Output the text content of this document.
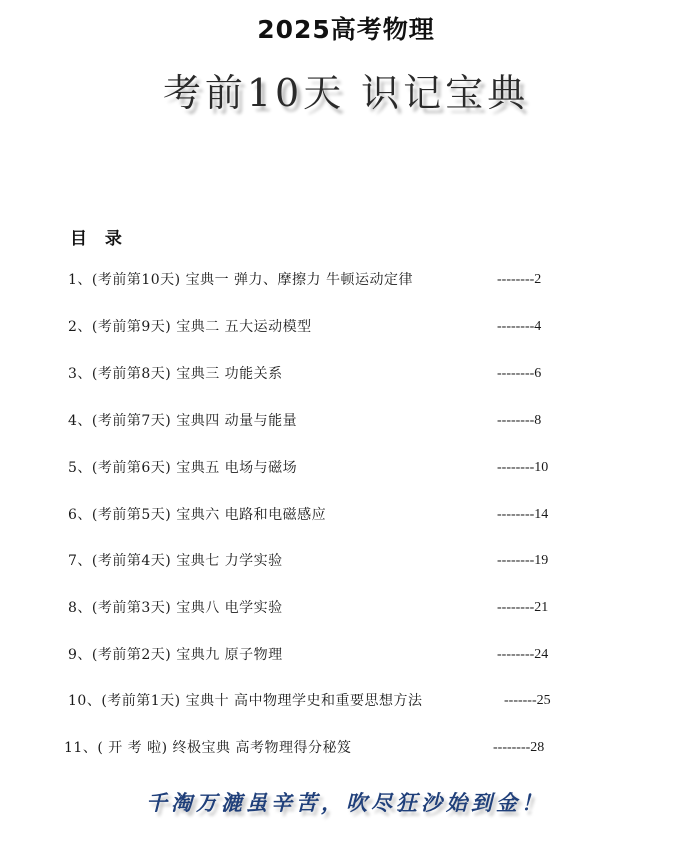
2025高考物理
考前10天 识记宝典
目 录
1、(考前第10天) 宝典一 弹力、摩擦力 牛顿运动定律	--------2
2、(考前第9天) 宝典二 五大运动模型	--------4
3、(考前第8天) 宝典三 功能关系	--------6
4、(考前第7天) 宝典四 动量与能量	--------8
5、(考前第6天) 宝典五 电场与磁场	--------10
6、(考前第5天) 宝典六 电路和电磁感应	--------14
7、(考前第4天) 宝典七 力学实验	--------19
8、(考前第3天) 宝典八 电学实验	--------21
9、(考前第2天) 宝典九 原子物理	--------24
10、(考前第1天) 宝典十 高中物理学史和重要思想方法	-------25
11、( 开 考 啦) 终极宝典 高考物理得分秘笈	--------28
千淘万漉虽辛苦，吹尽狂沙始到金！
